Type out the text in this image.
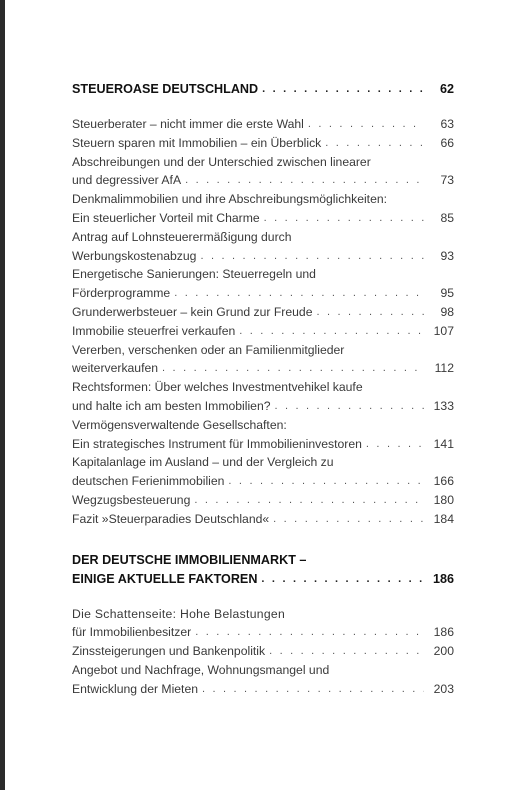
STEUEROASE DEUTSCHLAND . . .	62
Steuerberater – nicht immer die erste Wahl . . .	63
Steuern sparen mit Immobilien – ein Überblick . . .	66
Abschreibungen und der Unterschied zwischen linearer
und degressiver AfA . . .	73
Denkmalimmobilien und ihre Abschreibungsmöglichkeiten:
Ein steuerlicher Vorteil mit Charme . . .	85
Antrag auf Lohnsteuerermäßigung durch
Werbungskostenabzug . . .	93
Energetische Sanierungen: Steuerregeln und
Förderprogramme . . .	95
Grunderwerbsteuer – kein Grund zur Freude . . .	98
Immobilie steuerfrei verkaufen . . .	107
Vererben, verschenken oder an Familienmitglieder
weiterverkaufen . . .	112
Rechtsformen: Über welches Investmentvehikel kaufe
und halte ich am besten Immobilien? . . .	133
Vermögensverwaltende Gesellschaften:
Ein strategisches Instrument für Immobilieninvestoren . . .	141
Kapitalanlage im Ausland – und der Vergleich zu
deutschen Ferienimmobilien . . .	166
Wegzugsbesteuerung . . .	180
Fazit »Steuerparadies Deutschland« . . .	184
DER DEUTSCHE IMMOBILIENMARKT –
EINIGE AKTUELLE FAKTOREN . . .	186
Die Schattenseite: Hohe Belastungen
für Immobilienbesitzer . . .	186
Zinssteigerungen und Bankenpolitik . . .	200
Angebot und Nachfrage, Wohnungsmangel und
Entwicklung der Mieten . . .	203
